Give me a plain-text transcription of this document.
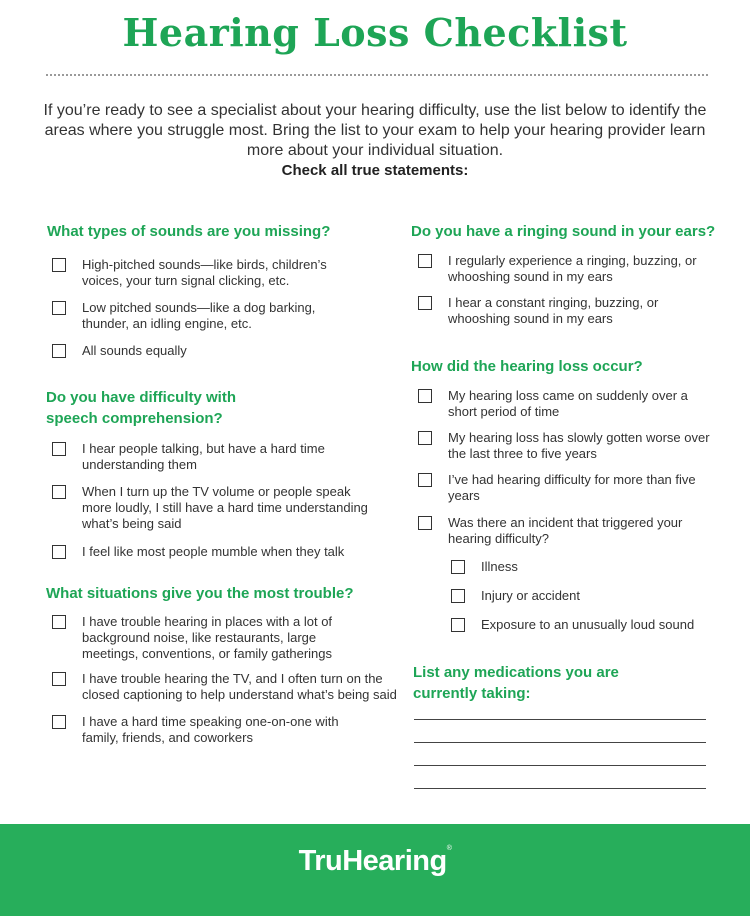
Hearing Loss Checklist
If you’re ready to see a specialist about your hearing difficulty, use the list below to identify the areas where you struggle most. Bring the list to your exam to help your hearing provider learn more about your individual situation.
Check all true statements:
What types of sounds are you missing?
High-pitched sounds—like birds, children’s voices, your turn signal clicking, etc.
Low pitched sounds—like a dog barking, thunder, an idling engine, etc.
All sounds equally
Do you have difficulty with speech comprehension?
I hear people talking, but have a hard time understanding them
When I turn up the TV volume or people speak more loudly, I still have a hard time understanding what’s being said
I feel like most people mumble when they talk
What situations give you the most trouble?
I have trouble hearing in places with a lot of background noise, like restaurants, large meetings, conventions, or family gatherings
I have trouble hearing the TV, and I often turn on the closed captioning to help understand what’s being said
I have a hard time speaking one-on-one with family, friends, and coworkers
Do you have a ringing sound in your ears?
I regularly experience a ringing, buzzing, or whooshing sound in my ears
I hear a constant ringing, buzzing, or whooshing sound in my ears
How did the hearing loss occur?
My hearing loss came on suddenly over a short period of time
My hearing loss has slowly gotten worse over the last three to five years
I’ve had hearing difficulty for more than five years
Was there an incident that triggered your hearing difficulty?
Illness
Injury or accident
Exposure to an unusually loud sound
List any medications you are currently taking:
TruHearing®
